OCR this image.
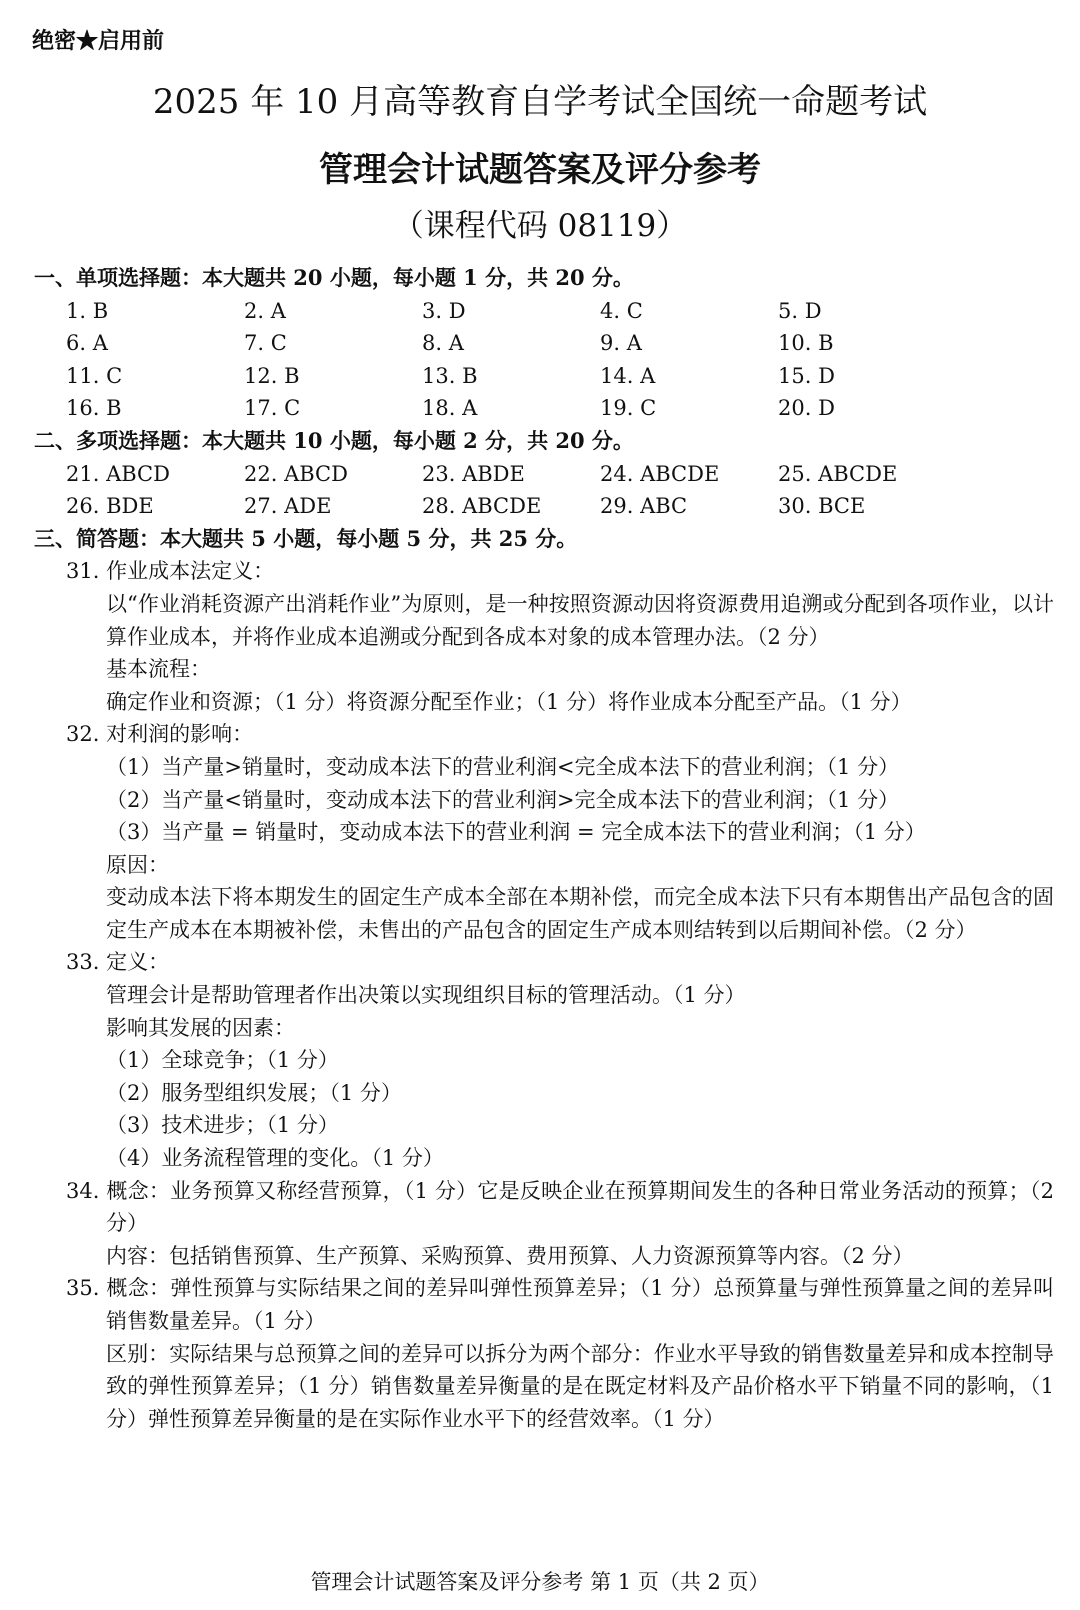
绝密★启用前
2025 年 10 月高等教育自学考试全国统一命题考试
管理会计试题答案及评分参考
（课程代码 08119）
一、单项选择题：本大题共 20 小题，每小题 1 分，共 20 分。
1. B	2. A	3. D	4. C	5. D
6. A	7. C	8. A	9. A	10. B
11. C	12. B	13. B	14. A	15. D
16. B	17. C	18. A	19. C	20. D
二、多项选择题：本大题共 10 小题，每小题 2 分，共 20 分。
21. ABCD	22. ABCD	23. ABDE	24. ABCDE	25. ABCDE
26. BDE	27. ADE	28. ABCDE	29. ABC	30. BCE
三、简答题：本大题共 5 小题，每小题 5 分，共 25 分。
31. 作业成本法定义：
以“作业消耗资源产出消耗作业”为原则，是一种按照资源动因将资源费用追溯或分配到各项作业，以计算作业成本，并将作业成本追溯或分配到各成本对象的成本管理办法。（2 分）
基本流程：
确定作业和资源；（1 分）将资源分配至作业；（1 分）将作业成本分配至产品。（1 分）
32. 对利润的影响：
（1）当产量>销量时，变动成本法下的营业利润<完全成本法下的营业利润；（1 分）
（2）当产量<销量时，变动成本法下的营业利润>完全成本法下的营业利润；（1 分）
（3）当产量 = 销量时，变动成本法下的营业利润 = 完全成本法下的营业利润；（1 分）
原因：
变动成本法下将本期发生的固定生产成本全部在本期补偿，而完全成本法下只有本期售出产品包含的固定生产成本在本期被补偿，未售出的产品包含的固定生产成本则结转到以后期间补偿。（2 分）
33. 定义：
管理会计是帮助管理者作出决策以实现组织目标的管理活动。（1 分）
影响其发展的因素：
（1）全球竞争；（1 分）
（2）服务型组织发展；（1 分）
（3）技术进步；（1 分）
（4）业务流程管理的变化。（1 分）
34. 概念：业务预算又称经营预算，（1 分）它是反映企业在预算期间发生的各种日常业务活动的预算；（2 分）
内容：包括销售预算、生产预算、采购预算、费用预算、人力资源预算等内容。（2 分）
35. 概念：弹性预算与实际结果之间的差异叫弹性预算差异；（1 分）总预算量与弹性预算量之间的差异叫销售数量差异。（1 分）
区别：实际结果与总预算之间的差异可以拆分为两个部分：作业水平导致的销售数量差异和成本控制导致的弹性预算差异；（1 分）销售数量差异衡量的是在既定材料及产品价格水平下销量不同的影响，（1 分）弹性预算差异衡量的是在实际作业水平下的经营效率。（1 分）
管理会计试题答案及评分参考 第 1 页（共 2 页）
